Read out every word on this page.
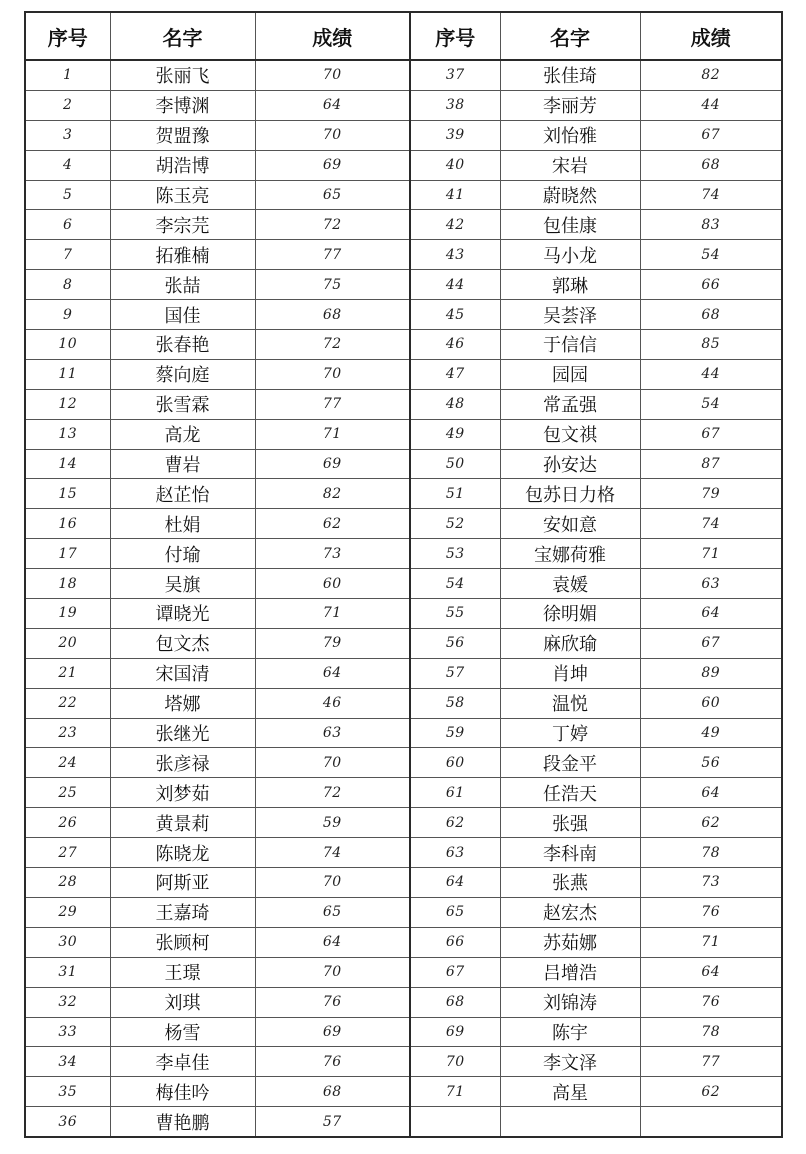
序号	名字	成绩	序号	名字	成绩
1	张丽飞	70	37	张佳琦	82
2	李博渊	64	38	李丽芳	44
3	贺盟豫	70	39	刘怡雅	67
4	胡浩博	69	40	宋岩	68
5	陈玉亮	65	41	蔚晓然	74
6	李宗芫	72	42	包佳康	83
7	拓雅楠	77	43	马小龙	54
8	张喆	75	44	郭琳	66
9	国佳	68	45	吴荟泽	68
10	张春艳	72	46	于信信	85
11	蔡向庭	70	47	园园	44
12	张雪霖	77	48	常孟强	54
13	高龙	71	49	包文祺	67
14	曹岩	69	50	孙安达	87
15	赵芷怡	82	51	包苏日力格	79
16	杜娟	62	52	安如意	74
17	付瑜	73	53	宝娜荷雅	71
18	吴旗	60	54	袁媛	63
19	谭晓光	71	55	徐明媚	64
20	包文杰	79	56	麻欣瑜	67
21	宋国清	64	57	肖坤	89
22	塔娜	46	58	温悦	60
23	张继光	63	59	丁婷	49
24	张彦禄	70	60	段金平	56
25	刘梦茹	72	61	任浩天	64
26	黄景莉	59	62	张强	62
27	陈晓龙	74	63	李科南	78
28	阿斯亚	70	64	张燕	73
29	王嘉琦	65	65	赵宏杰	76
30	张顾柯	64	66	苏茹娜	71
31	王璟	70	67	吕增浩	64
32	刘琪	76	68	刘锦涛	76
33	杨雪	69	69	陈宇	78
34	李卓佳	76	70	李文泽	77
35	梅佳吟	68	71	高星	62
36	曹艳鹏	57			
